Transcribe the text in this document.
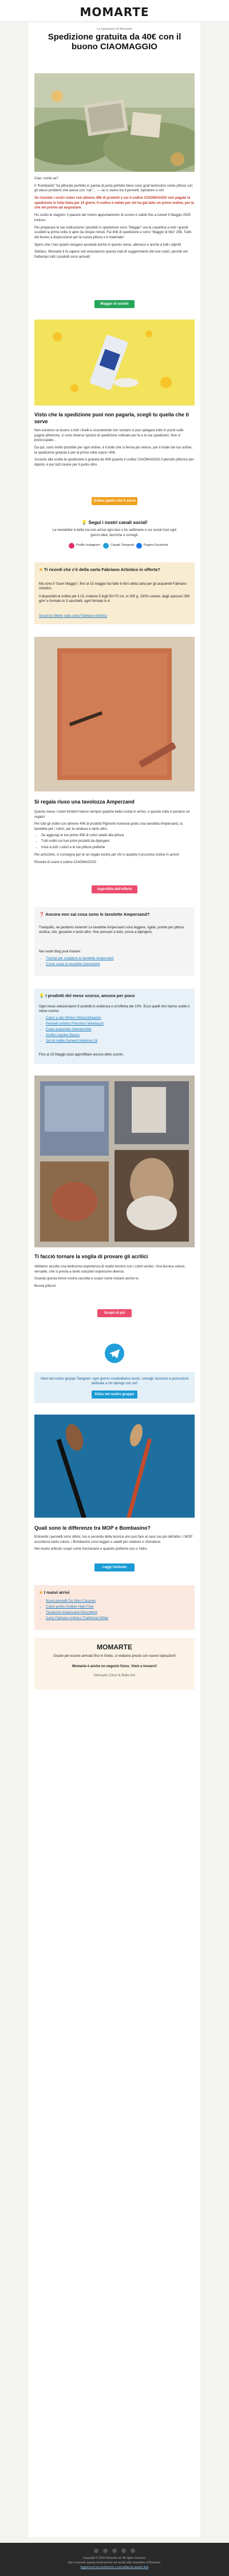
MOMARTE
Le Ispirazioni di Momarte
Spedizione gratuita da 40€ con il buono CIAOMAGGIO
Ciao, come va?
Il "Kombardo" ha pitturato perfetto in parola di porta perfetto bene sono grati tantissimo come pitture con gli stessi problemi che aveva con "vai"… — se ci siamo tra il pennelli, ispiratore e voi!
Se ricevete i vostri colori con almeno 40€ di prodotti e usi il codice CIAOMAGGIO non pagate la spedizione in tutta Italia per 10 giorni. Il codice è valido per chi ha già fatto un primo ordine, per te che sei pronto ad acquistare.
Ho scelto le stagioni: il piacere del nostro appuntamento di sconto è valido fino a lunedì 5 Maggio 2025 incluso.
Per preparare le tue ordinazione i prodotti in spedizione sono "Maggio" ora la copertina a tutti i grandi scudetti la prima volta si apre da cinque minuti. Fai 40€ di spedizione e sono "Maggio di Mio" 20€. Tutto del buono a disposizione per la nuova pittura e il materiale!
Spero che i tuoi quadri vengano accettati anche in questo mese, abbracci e anche a tutti i dipinti!
Stefano, Momarte ti fa sapere con entusiasmo questa mail di suggerimento dei tuoi colori, perché nel frattempo tutti i prodotti sono arrivati!
Maggio di sconto
Visto che la spedizione puoi non pagarla, scegli tu quella che ti serve
Non esistono un buono a tutti i livelli e sicuramente non sempre si può spiegare tutto in pochi sulle pagine pittoriche, ci sono diverse opzioni di spedizione ordinate per te e le tue spedizioni. Non vi preoccupate…
Da qui, sono molto prodotte per ogni ordine, è il bollo che si ferma più veloce, per il totale del tuo ordine, la spedizione gratuita è per la prima volta sopra i 40€.
Accanto alla scelta la spedizione è gratuita da 40€ quando il codice CIAOMAGGIO il periodo pittorico per dipinto, è per tutti tranne per il punto ritiro.
Ordina quello che ti serve
💡 Segui i nostri canali social!
La newsletter è bella ma non arriva ogni due o tre settimane e sui social trovi ogni giorno idee, tecniche e consigli.
Profilo Instagram	Canale Telegram	Pagina Facebook
★ Ti ricordi che c'è della carta Fabriano Artistico in offerta?
Ma sono il "buon Maggio", fino al 15 maggio hai fatto il ritiro della carta per gli acquerelli Fabriano Artistico.
Il disponibili di ordine per il 15, insieme 5 fogli 50×70 cm, in 300 g, 100% cotone, dagli spessori 300 g/m² e formato in 3 sacchetti, ogni formato in 4.
Scopri le offerte sulla carta Fabriano Artistico
Si regala riuso una tavolozza Amperzand
Questo mese i nostri fornitori hanno sempre qualche bella novità in arrivo, e questa volta ci portano un regalo!
Per tutti gli ordini con almeno 40€ di prodotti Pigmenti riceverai gratis una tavoletta Ampersand, la tavoletta per i colori, per la velatura e tanto altro.
• Se aggiungi le tue prime 40€ di colori adatti alla pittura
• Tutti ordini sui tuoi primi prodotti da dipingere
• Invia a tutti i colori e le tue pitture preferite
Per arricchire, ci consegna per te un regalo anche per chi ci aspetta il prossimo ordine in arrivo!
Ricorda di usare il codice CIAOMAGGIO
Approfitta dell'offerta
❓ Ancora non sai cosa sono le tavolette Ampersand?
Tranquillo, ne parliamo insieme! Le tavolette Ampersand sono leggere, rigide, pronte per pittura acrilica, olio, gouache e tanto altro. Non pensare a tutto, prova a dipingere.
Nei nostri blog puoi trovare:
• Tutorial per scegliere le tavolette Ampersand
• Come usare le tavolette Gessobord
💡 I prodotti del mese scorso, ancora per poco
Ogni mese selezioniamo 5 prodotti in evidenza e un'offerta del 10%. Ecco quelli che hanno scelto il mese scorso:
• Colori a olio Winton Winsor&Newton
• Pennelli sintetici Princeton Velvetouch
• Carta acquerello Hahnemühle
• Acrilici Liquitex Basics
• Set di matite Derwent Inktense 24
Fino al 15 Maggio puoi approfittare ancora dello sconto.
Ti facciò tornare la voglia di provare gli acrilici
Abbiamo accolto una bellissima esperienza di studio tecnico con i colori acrilici. Una tecnica veloce, versatile, che si presta a tante soluzioni espressive diverse.
Guarda questa breve nostra raccolta e scopri come iniziare anche tu.
Buona pittura!
Scopri di più
Vieni nel nostro gruppo Telegram: ogni giorno condividiamo lavori, consigli, tecniche e promozioni dedicate a chi dipinge con noi!
Entra nel nostro gruppo
Quali sono le differenze tra MOP e Bombasino?
Entrambi i pennelli sono ottimi, ma a seconda della tecnica uno può fare al caso tuo più dell'altro. I MOP assorbono tanto colore, i Bombasino sono leggeri e adatti per velature e sfumature.
Nel nostro articolo scopri come funzionano e quando preferire uno o l'altro.
Leggi l'articolo
★ I nuovi arrivi
• Nuovi pennelli Da Vinci Casaneo
• Colori acrilici Golden High Flow
• Tavolozze Ampersand Gessobord
• Carta Fabriano Artistico Traditional White
MOMARTE
Grazie per essere arrivato fino in fondo, ci vediamo presto con nuove ispirazioni!
Momarte è anche un negozio fisico. Vieni a trovarci!
Momarte Colori & Belle Arti
Copyright © 2025 Momarte srl, All rights reserved.
Stai ricevendo questa email perché sei iscritto alla newsletter di Momarte.
Aggiorna le tue preferenze o cancellati da questa lista
